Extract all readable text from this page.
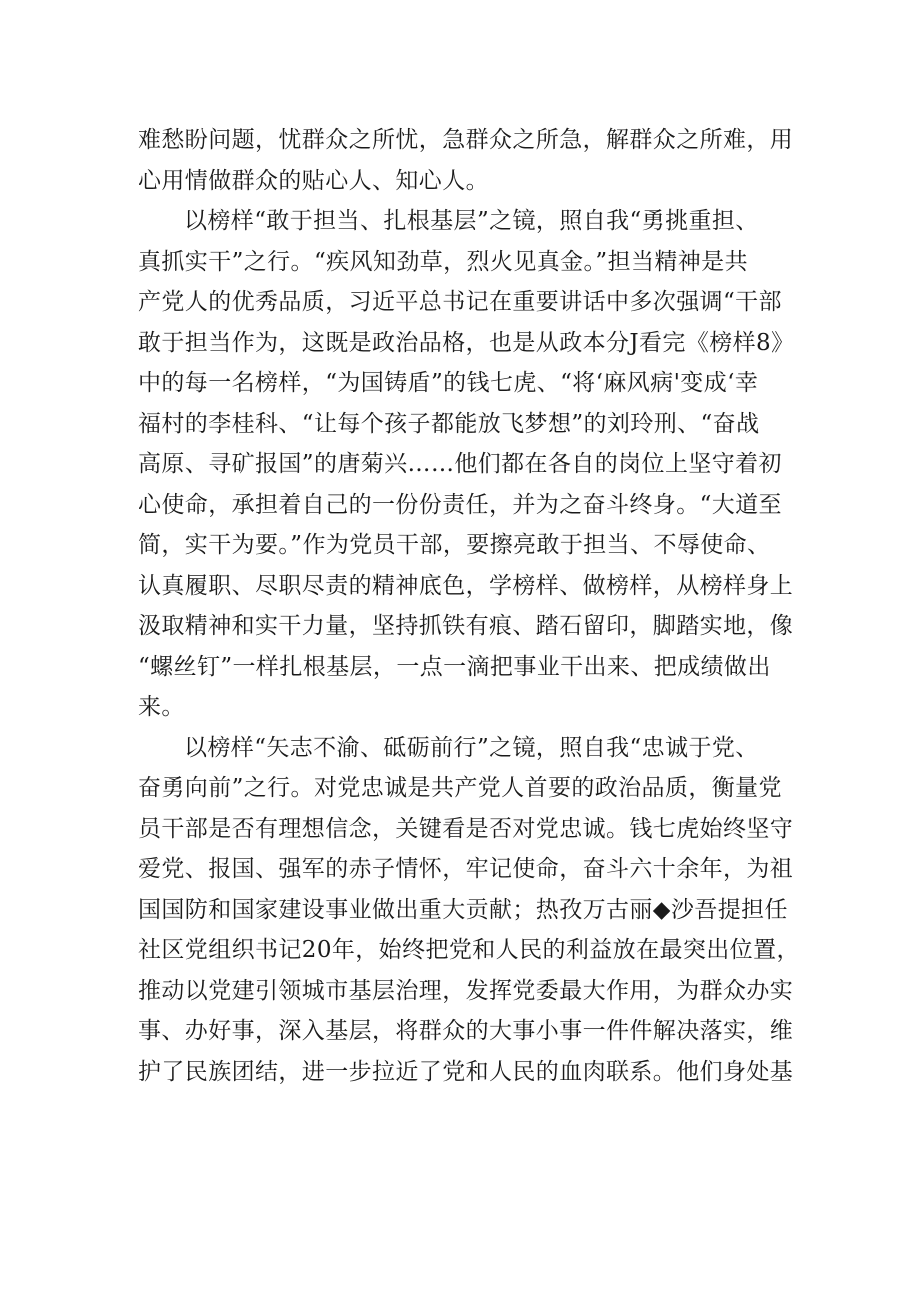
难愁盼问题，忧群众之所忧，急群众之所急，解群众之所难，用
心用情做群众的贴心人、知心人。
以榜样“敢于担当、扎根基层”之镜，照自我“勇挑重担、
真抓实干”之行。“疾风知劲草，烈火见真金。”担当精神是共
产党人的优秀品质，习近平总书记在重要讲话中多次强调“干部
敢于担当作为，这既是政治品格，也是从政本分J看完《榜样8》
中的每一名榜样，“为国铸盾”的钱七虎、“将‘麻风病'变成‘幸
福村的李桂科、“让每个孩子都能放飞梦想”的刘玲刑、“奋战
高原、寻矿报国”的唐菊兴……他们都在各自的岗位上坚守着初
心使命，承担着自己的一份份责任，并为之奋斗终身。“大道至
简，实干为要。”作为党员干部，要擦亮敢于担当、不辱使命、
认真履职、尽职尽责的精神底色，学榜样、做榜样，从榜样身上
汲取精神和实干力量，坚持抓铁有痕、踏石留印，脚踏实地，像
“螺丝钉”一样扎根基层，一点一滴把事业干出来、把成绩做出
来。
以榜样“矢志不渝、砥砺前行”之镜，照自我“忠诚于党、
奋勇向前”之行。对党忠诚是共产党人首要的政治品质，衡量党
员干部是否有理想信念，关键看是否对党忠诚。钱七虎始终坚守
爱党、报国、强军的赤子情怀，牢记使命，奋斗六十余年，为祖
国国防和国家建设事业做出重大贡献；热孜万古丽◆沙吾提担任
社区党组织书记20年，始终把党和人民的利益放在最突出位置，
推动以党建引领城市基层治理，发挥党委最大作用，为群众办实
事、办好事，深入基层，将群众的大事小事一件件解决落实，维
护了民族团结，进一步拉近了党和人民的血肉联系。他们身处基
